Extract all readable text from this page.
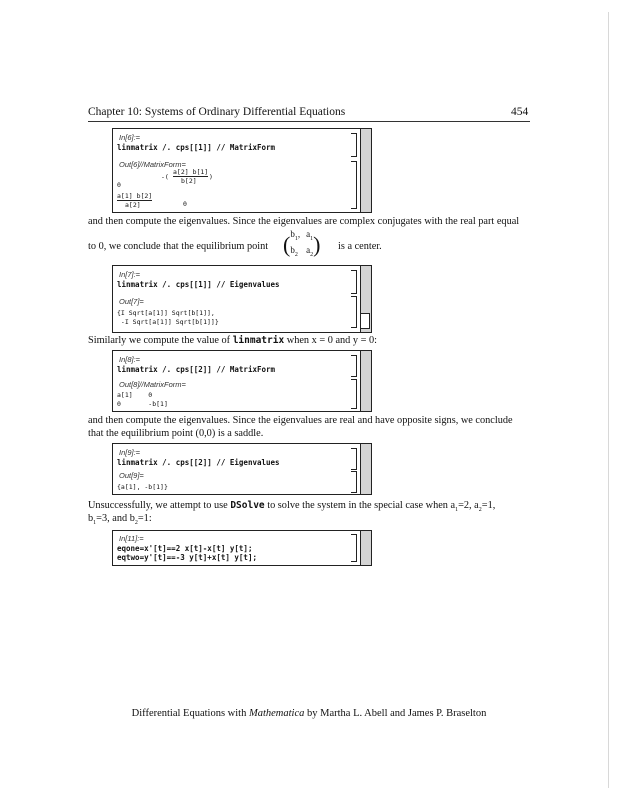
Chapter 10: Systems of Ordinary Differential Equations	454
In[6]:=
linmatrix /. cps[[1]] // MatrixForm
Out[6]//MatrixForm=
-(
a[2] b[1]
b[2] )
0
a[1] b[2]
a[2]	0
and then compute the eigenvalues. Since the eigenvalues are complex conjugates with the real part equal
to 0, we conclude that the equilibrium point ( $b_1$, $a_1$
$b_2$ $a_2$ ) is a center.
In[7]:=
linmatrix /. cps[[1]] // Eigenvalues
Out[7]=
{I Sqrt[a[1]] Sqrt[b[1]],
-I Sqrt[a[1]] Sqrt[b[1]]}
Similarly we compute the value of linmatrix when x = 0 and y = 0:
In[8]:=
linmatrix /. cps[[2]] // MatrixForm
Out[8]//MatrixForm=
a[1]    0
0       -b[1]
and then compute the eigenvalues. Since the eigenvalues are real and have opposite signs, we conclude
that the equilibrium point (0,0) is a saddle.
In[9]:=
linmatrix /. cps[[2]] // Eigenvalues
Out[9]=
{a[1], -b[1]}
Unsuccessfully, we attempt to use DSolve to solve the system in the special case when $a_1=2$, $a_2=1$,
$b_1=3$, and $b_2=1$:
In[11]:=
eqone=x'[t]==2 x[t]-x[t] y[t];
eqtwo=y'[t]==-3 y[t]+x[t] y[t];
Differential Equations with Mathematica by Martha L. Abell and James P. Braselton
